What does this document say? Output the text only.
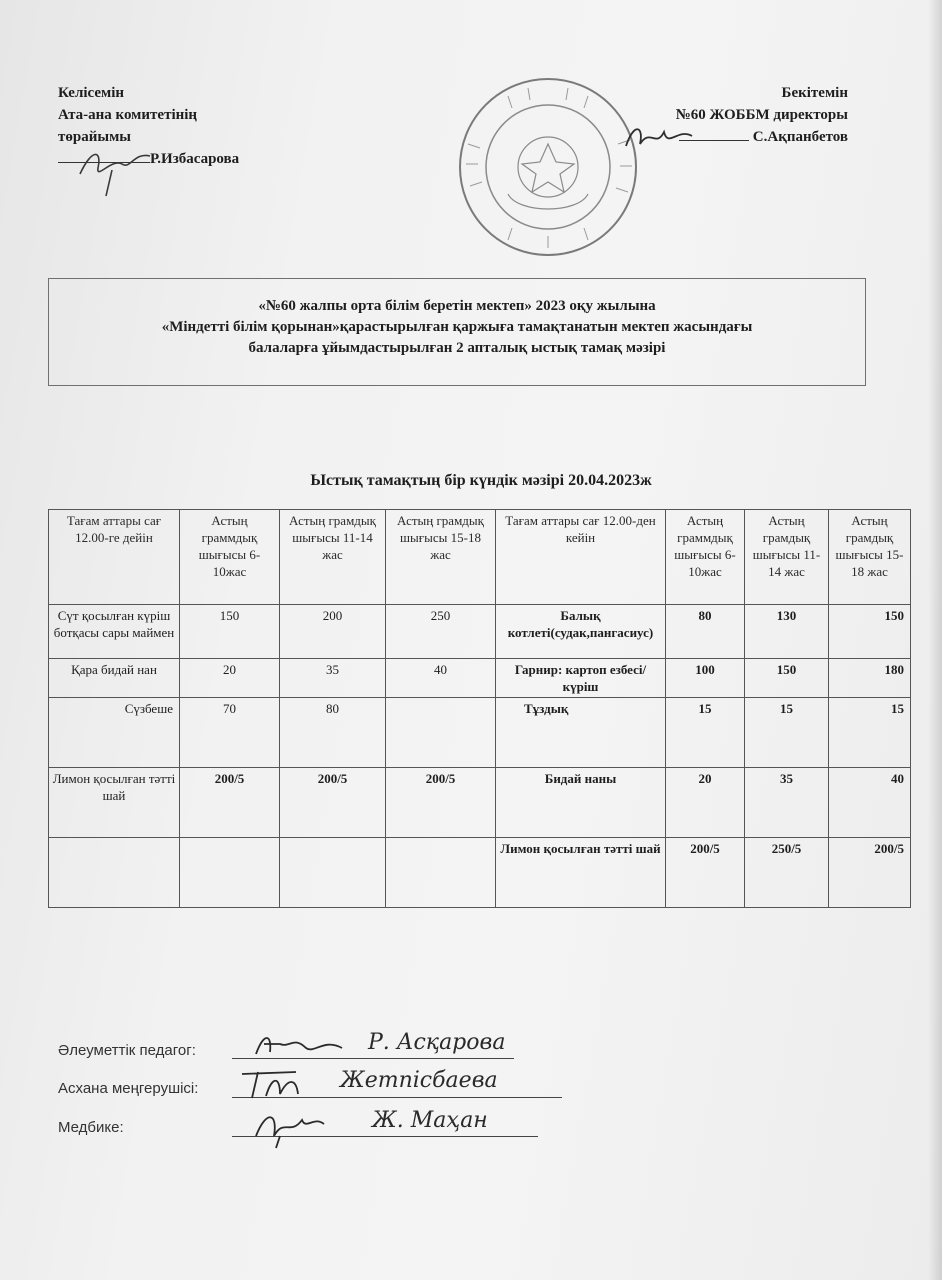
Келісемін
Ата-ана комитетінің
төрайымы
Р.Избасарова
Бекітемін
№60 ЖОББМ директоры
С.Ақпанбетов
«№60 жалпы орта білім беретін мектеп» 2023 оқу жылына
«Міндетті білім қорынан»қарастырылған қаржыға тамақтанатын мектеп жасындағы
балаларға ұйымдастырылған 2 апталық ыстық тамақ мәзірі
Ыстық тамақтың бір күндік мәзірі 20.04.2023ж
Тағам аттары сағ 12.00-ге дейін	Астың граммдық шығысы 6-10жас	Астың грамдық шығысы 11-14 жас	Астың грамдық шығысы 15-18 жас	Тағам аттары сағ 12.00-ден кейін	Астың граммдық шығысы 6-10жас	Астың грамдық шығысы 11-14 жас	Астың грамдық шығысы 15-18 жас
Сүт қосылған күріш ботқасы сары маймен	150	200	250	Балық котлеті(судак,пангасиус)	80	130	150
Қара бидай нан	20	35	40	Гарнир: картоп езбесі/күріш	100	150	180
Сүзбеше	70	80		Тұздық	15	15	15
Лимон қосылған тәтті шай	200/5	200/5	200/5	Бидай наны	20	35	40
				Лимон қосылған тәтті шай	200/5	250/5	200/5
Әлеуметтік педагог:	Р. Асқарова
Асхана меңгерушісі:	Жетпісбаева
Медбике:	Ж. Маҳан
